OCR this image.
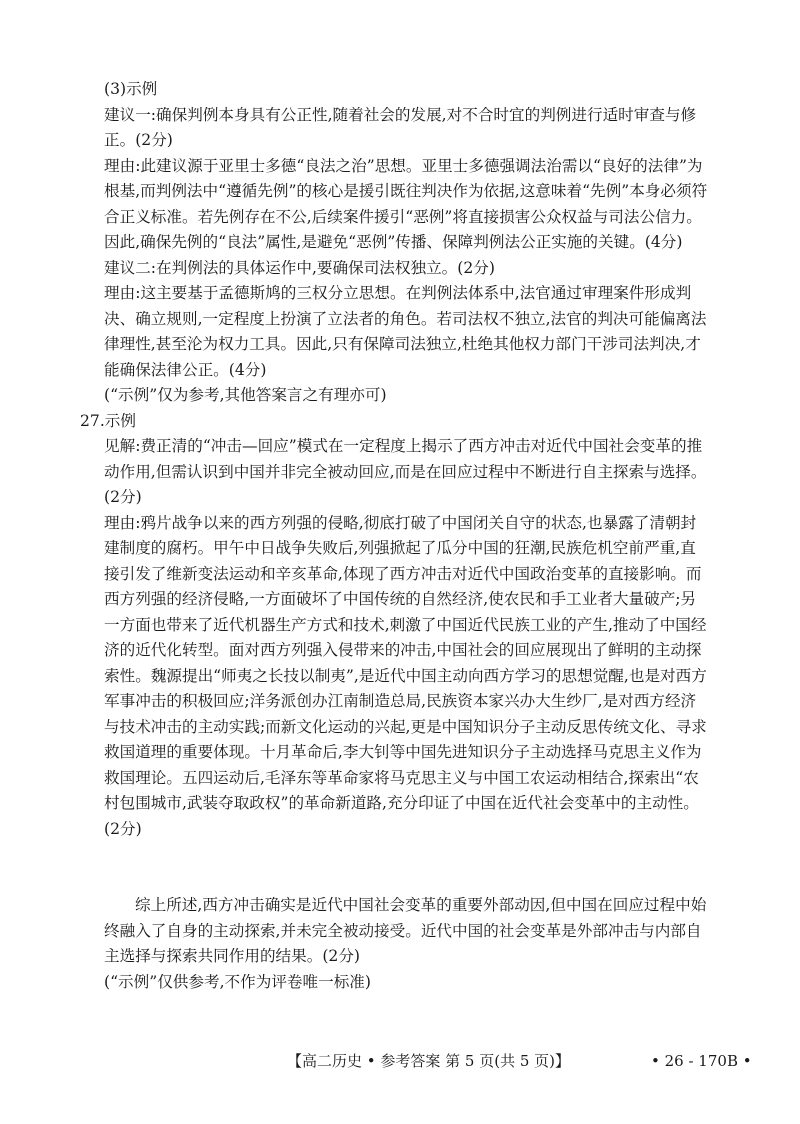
(3)示例
建议一:确保判例本身具有公正性,随着社会的发展,对不合时宜的判例进行适时审查与修
正。(2分)
理由:此建议源于亚里士多德“良法之治”思想。亚里士多德强调法治需以“良好的法律”为
根基,而判例法中“遵循先例”的核心是援引既往判决作为依据,这意味着“先例”本身必须符
合正义标准。若先例存在不公,后续案件援引“恶例”将直接损害公众权益与司法公信力。
因此,确保先例的“良法”属性,是避免“恶例”传播、保障判例法公正实施的关键。(4分)
建议二:在判例法的具体运作中,要确保司法权独立。(2分)
理由:这主要基于孟德斯鸠的三权分立思想。在判例法体系中,法官通过审理案件形成判
决、确立规则,一定程度上扮演了立法者的角色。若司法权不独立,法官的判决可能偏离法
律理性,甚至沦为权力工具。因此,只有保障司法独立,杜绝其他权力部门干涉司法判决,才
能确保法律公正。(4分)
(“示例”仅为参考,其他答案言之有理亦可)
27.示例
见解:费正清的“冲击—回应”模式在一定程度上揭示了西方冲击对近代中国社会变革的推
动作用,但需认识到中国并非完全被动回应,而是在回应过程中不断进行自主探索与选择。
(2分)
理由:鸦片战争以来的西方列强的侵略,彻底打破了中国闭关自守的状态,也暴露了清朝封
建制度的腐朽。甲午中日战争失败后,列强掀起了瓜分中国的狂潮,民族危机空前严重,直
接引发了维新变法运动和辛亥革命,体现了西方冲击对近代中国政治变革的直接影响。而
西方列强的经济侵略,一方面破坏了中国传统的自然经济,使农民和手工业者大量破产;另
一方面也带来了近代机器生产方式和技术,刺激了中国近代民族工业的产生,推动了中国经
济的近代化转型。面对西方列强入侵带来的冲击,中国社会的回应展现出了鲜明的主动探
索性。魏源提出“师夷之长技以制夷”,是近代中国主动向西方学习的思想觉醒,也是对西方
军事冲击的积极回应;洋务派创办江南制造总局,民族资本家兴办大生纱厂,是对西方经济
与技术冲击的主动实践;而新文化运动的兴起,更是中国知识分子主动反思传统文化、寻求
救国道理的重要体现。十月革命后,李大钊等中国先进知识分子主动选择马克思主义作为
救国理论。五四运动后,毛泽东等革命家将马克思主义与中国工农运动相结合,探索出“农
村包围城市,武装夺取政权”的革命新道路,充分印证了中国在近代社会变革中的主动性。
(2分)
综上所述,西方冲击确实是近代中国社会变革的重要外部动因,但中国在回应过程中始
终融入了自身的主动探索,并未完全被动接受。近代中国的社会变革是外部冲击与内部自
主选择与探索共同作用的结果。(2分)
(“示例”仅供参考,不作为评卷唯一标准)
【高二历史 • 参考答案 第 5 页(共 5 页)】	• 26 - 170B •
